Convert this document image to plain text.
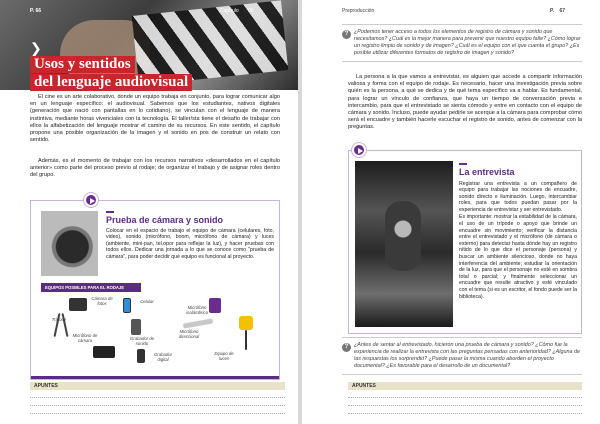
P. 66	Capítulo 05
❯
Usos y sentidos
del lenguaje audiovisual

El cine es un arte colaborativo, donde un equipo trabaja en conjunto, para lograr comunicar algo en un lenguaje específico: el audiovisual. Sabemos que los estudiantes, nativos digitales (generación que nació con pantallas en lo cotidiano), se vinculan con el lenguaje de manera instintiva, mediante horas vivenciales con la tecnología. El taller/sta tiene el desafío de trabajar con ellos la alfabetización del lenguaje mostrar el camino de su recursos. En este sentido, el capítulo propone una posible organización de la imagen y el sonido en pos de construir un relato con sentido.

Además, es el momento de trabajar con los recursos narrativos «desarrollados en el capítulo anterior» como parte del proceso previo al rodaje; de organizar el trabajo y de asignar roles dentro del grupo.

Prueba de cámara y sonido

Colocar en el espacio de trabajo el equipo de cámara (celulares, foto, video), sonido (micrófono, boom, micrófono de cámara) y luces (ambiente, mini-pan, tel.opor para reflejar la luz), y hacer pruebas con todos ellos. Dedicar una jornada a lo que se conoce como "prueba de cámara", para poder decidir qué equipo es funcional al proyecto.

EQUIPOS POSIBLES PARA EL RODAJE
Cámara de fotos	Celular
Micrófono inalámbrico
Trípode
Grabador de sonido
Micrófono direccional
Micrófono de cámara
Grabador digital
Equipo de luces
APUNTES
Preproducción	P. 67
?	¿Podemos tener acceso a todos los elementos de registro de cámara y sonido que necesitamos? ¿Cuál es la mejor manera para prevenir que nuestro equipo falle? ¿Cómo lograr un registro limpio de sonido y de imagen? ¿Cuál es el equipo con el que cuenta el grupo? ¿Es posible utilizar diferentes formatos de registro de imagen y sonido?

La persona a la que vamos a entrevistar, es alguien que accede a compartir información valiosa y forma con el equipo de rodaje. Es necesario, hacer una investigación previa sobre quién es la persona, a qué se dedica y de qué tema específico va a hablar. Es fundamental, para lograr un vínculo de confianza, que haya un tiempo de conversación previa e intercambio, para que el entrevistado se sienta cómodo y entre en contacto con el equipo de cámara y sonido. Incluso, puede ayudar pedirle se acerque a la cámara para comprobar cómo será el encuadre y también hacerle escuchar el registro de sonido, antes de comenzar con la preguntas.

La entrevista

Registrar una entrevista a un compañero de equipo para trabajar las nociones de encuadre, sonido directo e iluminación. Luego, intercambiar roles, para que todos puedan pasar por la experiencia de entrevistar y ser entrevistado.

Es importante: mostrar la estabilidad de la cámara, el uso de un trípode o apoyo que brinde un encuadre sin movimiento; verificar la distancia entre el entrevistado y el micrófono (de cámara o externo) para detectar hasta dónde hay un registro nítido de lo que dice el personaje (persona) y buscar un ambiente silencioso, donde no haya interferencia del ambiente; estudiar la orientación de la luz, para que el personaje no esté en sombra total o parcial; y finalmente seleccionar un encuadre que resulte atractivo y esté vinculado con el tema (si es un escritor, el fondo puede ser la biblioteca).

?	¿Antes de sentar al entrevistado, hicieron una prueba de cámara y sonido? ¿Cómo fue la experiencia de realizar la entrevista con las preguntas pensadas con anterioridad? ¿Alguna de las respuestas los sorprendió? ¿Puede pasar la misma cuando aborden el proyecto documental? ¿Es favorable para el desarrollo de un documental?
APUNTES
